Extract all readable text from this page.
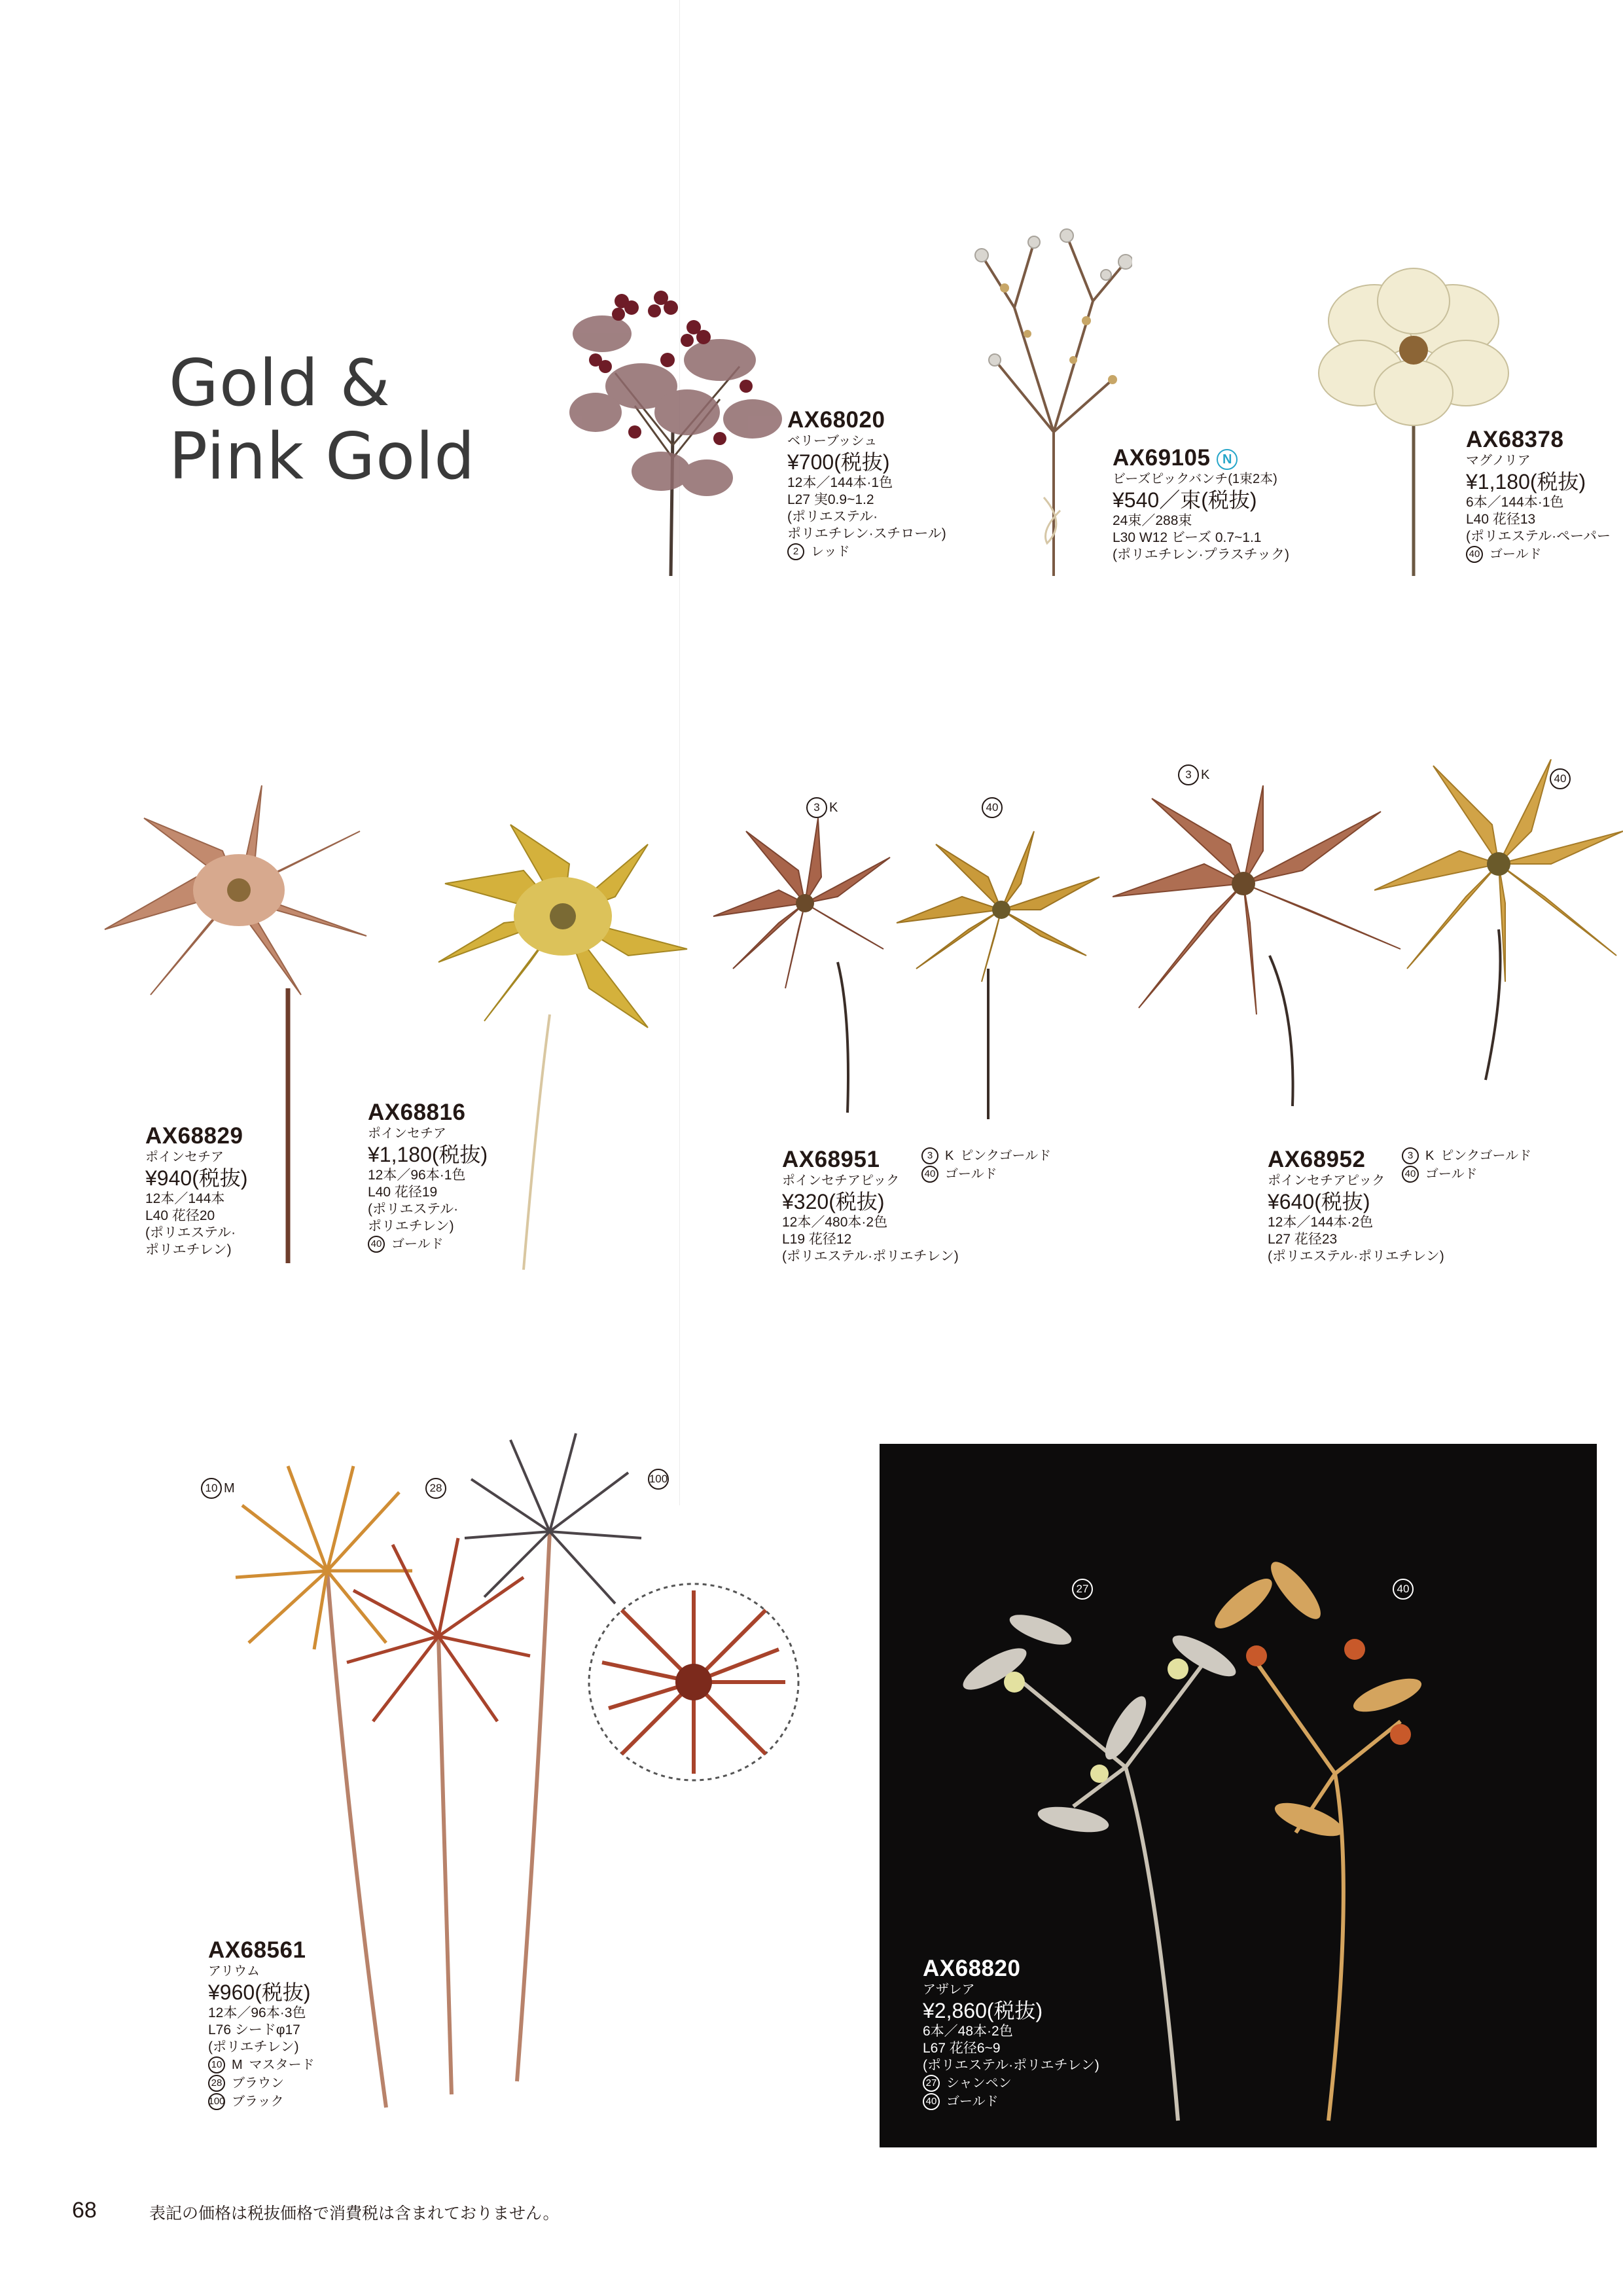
Gold &
Pink Gold
3 K	40
3 K	40
10 M	28
100
27	40
AX68020
ベリーブッシュ
¥700(税抜)
12本／144本·1色
L27 実0.9~1.2
(ポリエステル·
ポリエチレン·スチロール)
2 レッド
AX69105 N
ビーズピックバンチ(1束2本)
¥540／束(税抜)
24束／288束
L30 W12 ビーズ 0.7~1.1
(ポリエチレン·プラスチック)
AX68378
マグノリア
¥1,180(税抜)
6本／144本·1色
L40 花径13
(ポリエステル·ペーパー
40 ゴールド
AX68829
ポインセチア
¥940(税抜)
12本／144本
L40 花径20
(ポリエステル·
ポリエチレン)
AX68816
ポインセチア
¥1,180(税抜)
12本／96本·1色
L40 花径19
(ポリエステル·
ポリエチレン)
40 ゴールド
AX68951
ポインセチアピック
¥320(税抜)
12本／480本·2色
L19 花径12
(ポリエステル·ポリエチレン)
3 K ピンクゴールド
40 ゴールド
AX68952
ポインセチアピック
¥640(税抜)
12本／144本·2色
L27 花径23
(ポリエステル·ポリエチレン)
3 K ピンクゴールド
40 ゴールド
AX68561
アリウム
¥960(税抜)
12本／96本·3色
L76 シードφ17
(ポリエチレン)
10 M マスタード
28 ブラウン
100 ブラック
AX68820
アザレア
¥2,860(税抜)
6本／48本·2色
L67 花径6~9
(ポリエステル·ポリエチレン)
27 シャンペン
40 ゴールド
68	表記の価格は税抜価格で消費税は含まれておりません。
